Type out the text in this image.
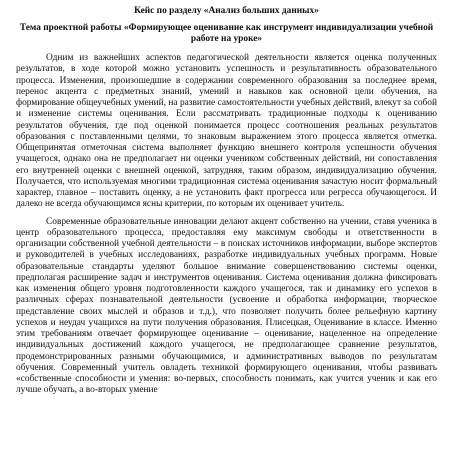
Кейс по разделу «Анализ больших данных»

Тема проектной работы «Формирующее оценивание как инструмент индивидуализации учебной работе на уроке»

Одним из важнейших аспектов педагогической деятельности является оценка полученных результатов, в ходе которой можно установить успешность и результативность образовательного процесса. Изменения, произошедшие в содержании современного образования за последнее время, перенос акцента с предметных знаний, умений и навыков как основной цели обучения, на формирование общеучебных умений, на развитие самостоятельности учебных действий, влекут за собой и изменение системы оценивания. Если рассматривать традиционные подходы к оцениванию результатов обучения, где под оценкой понимается процесс соотношения реальных результатов образования с поставленными целями, то знаковым выражением этого процесса является отметка. Общепринятая отметочная система выполняет функцию внешнего контроля успешности обучения учащегося, однако она не предполагает ни оценки учеником собственных действий, ни сопоставления его внутренней оценки с внешней оценкой, затрудняя, таким образом, индивидуализацию обучения. Получается, что используемая многими традиционная система оценивания зачастую носит формальный характер, главное – поставить оценку, а не установить факт прогресса или регресса обучающегося. И далеко не всегда обучающимся ясны критерии, по которым их оценивает учитель.

Современные образовательные инновации делают акцент собственно на учении, ставя ученика в центр образовательного процесса, предоставляя ему максимум свободы и ответственности в организации собственной учебной деятельности – в поисках источников информации, выборе экспертов и руководителей в учебных исследованиях, разработке индивидуальных учебных программ. Новые образовательные стандарты уделяют большое внимание совершенствованию системы оценки, предполагая расширение задач и инструментов оценивания. Система оценивания должна фиксировать как изменения общего уровня подготовленности каждого учащегося, так и динамику его успехов в различных сферах познавательной деятельности (усвоение и обработка информации, творческое представление своих мыслей и образов и т.д.), что позволяет получить более рельефную картину успехов и неудач учащихся на пути получения образования. Плисецкая, Оценивание в классе. Именно этим требованиям отвечает формирующее оценивание – оценивание, нацеленное на определение индивидуальных достижений каждого учащегося, не предполагающее сравнение результатов, продемонстрированных разными обучающимися, и административных выводов по результатам обучения. Современный учитель овладеть техникой формирующего оценивания, чтобы развивать «собственные способности и умения: во-первых, способность понимать, как учится ученик и как его лучше обучать, а во-вторых умение
